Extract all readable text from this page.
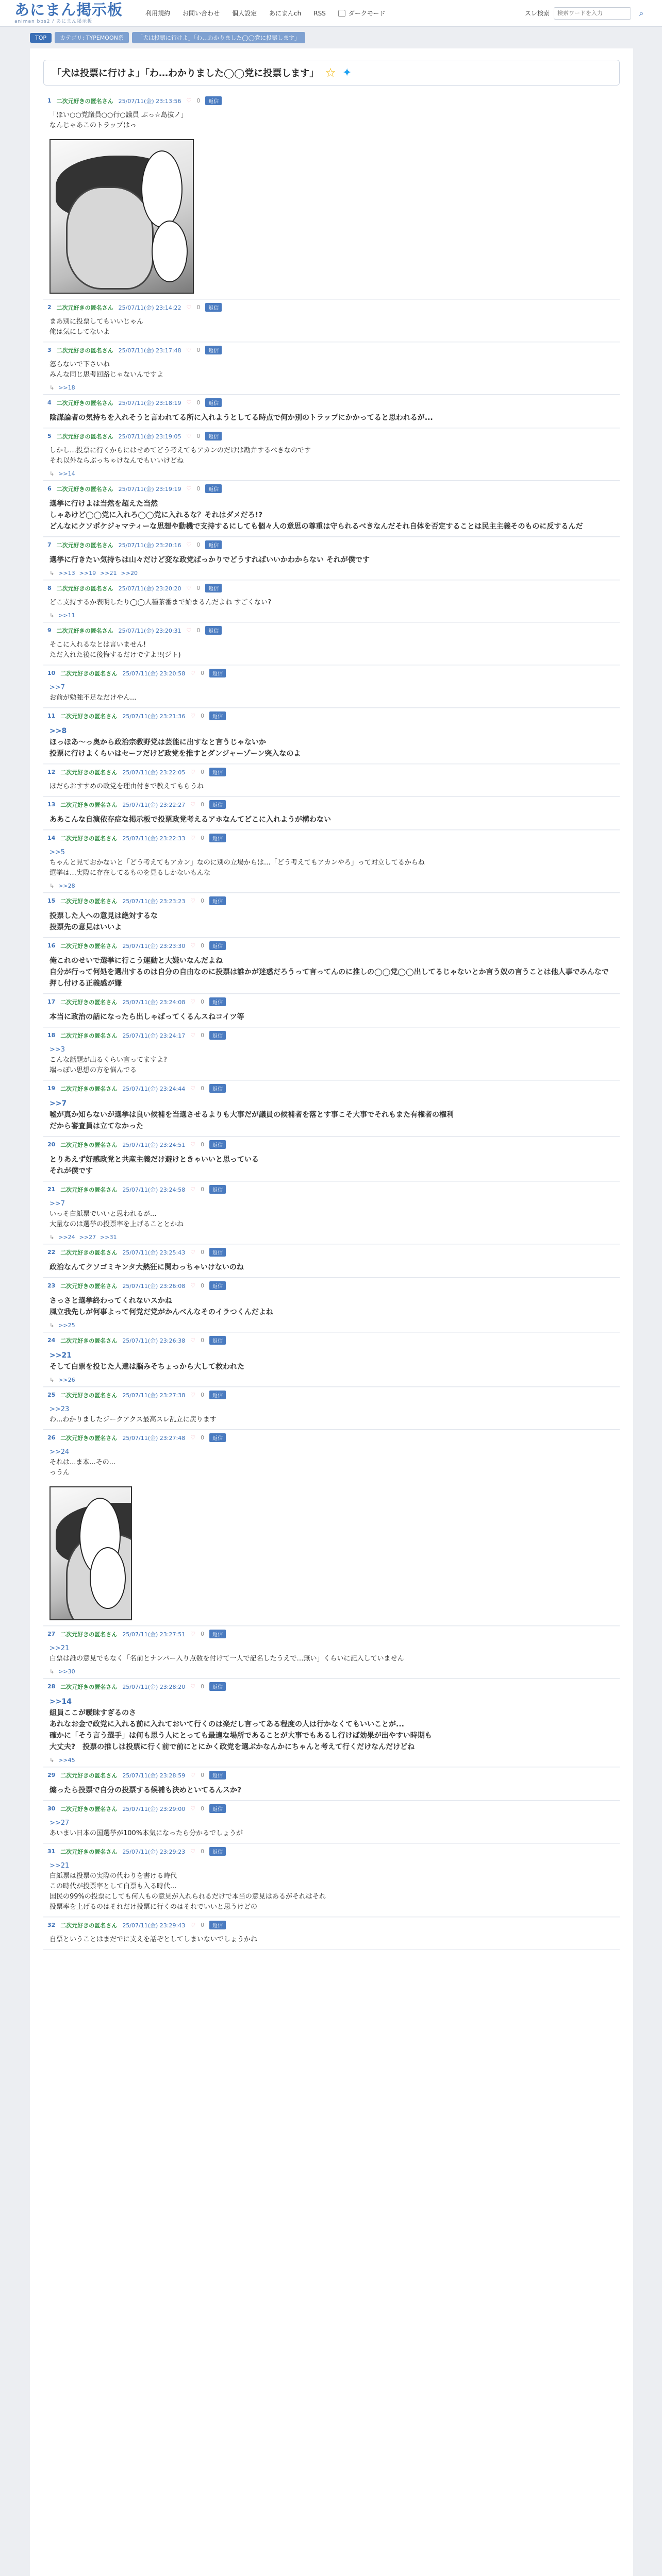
あにまん掲示板
animan bbs2 / あにまん掲示板
利用規約 お問い合わせ 個人設定 あにまんch RSS	ダークモード	スレ検索
検索ワードを入力	⌕
TOP	カテゴリ: TYPEMOON系	「犬は投票に行けよ」「わ…わかりました◯◯党に投票します」
「犬は投票に行けよ」「わ…わかりました◯◯党に投票します」 ☆ ✦
1 二次元好きの匿名さん 25/07/11(金) 23:13:56 ♡ 0	返信
「ほい○○党議員○○行○議員 ぷっ☆島抜ノ」
なんじゃあこのトラップはっ
2 二次元好きの匿名さん 25/07/11(金) 23:14:22 ♡ 0	返信
まあ別に投票してもいいじゃん
俺は気にしてないよ
3 二次元好きの匿名さん 25/07/11(金) 23:17:48 ♡ 0	返信
怒らないで下さいね
みんな同じ思考回路じゃないんですよ
↳ >>18
4 二次元好きの匿名さん 25/07/11(金) 23:18:19 ♡ 0	返信
陰謀論者の気持ちを入れそうと言われてる所に入れようとしてる時点で何か別のトラップにかかってると思われるが...
5 二次元好きの匿名さん 25/07/11(金) 23:19:05 ♡ 0	返信
しかし…投票に行くからにはせめてどう考えてもアカンのだけは勘弁するべきなのです
それ以外ならぶっちゃけなんでもいいけどね
↳ >>14
6 二次元好きの匿名さん 25/07/11(金) 23:19:19 ♡ 0	返信
選挙に行けよは当然を超えた当然
しゃあけど◯◯党に入れろ◯◯党に入れるな？それはダメだろ!?
どんなにクソポケジャマティーな思想や動機で支持するにしても個々人の意思の尊重は守られるべきなんだそれ自体を否定することは民主主義そのものに反するんだ
7 二次元好きの匿名さん 25/07/11(金) 23:20:16 ♡ 0	返信
選挙に行きたい気持ちは山々だけど変な政党ばっかりでどうすればいいかわからない それが僕です
↳ >>13 >>19 >>21 >>20
8 二次元好きの匿名さん 25/07/11(金) 23:20:20 ♡ 0	返信
どこ支持するか表明したり◯◯人種茶番まで始まるんだよね すごくない?
↳ >>11
9 二次元好きの匿名さん 25/07/11(金) 23:20:31 ♡ 0	返信
そこに入れるなとは言いません!
ただ入れた後に後悔するだけですよ!!(ジト)
10 二次元好きの匿名さん 25/07/11(金) 23:20:58 ♡ 0	返信
>>7
お前が勉強不足なだけやん...
11 二次元好きの匿名さん 25/07/11(金) 23:21:36 ♡ 0	返信
>>8
ほっほあ〜っ奥から政治宗教野党は芸能に出すなと言うじゃないか
投票に行けよくらいはセーフだけど政党を推すとダンジャーゾーン突入なのよ
12 二次元好きの匿名さん 25/07/11(金) 23:22:05 ♡ 0	返信
ほだらおすすめの政党を理由付きで教えてもらうね
13 二次元好きの匿名さん 25/07/11(金) 23:22:27 ♡ 0	返信
ああこんな自演依存症な掲示板で投票政党考えるアホなんてどこに入れようが構わない
14 二次元好きの匿名さん 25/07/11(金) 23:22:33 ♡ 0	返信
>>5
ちゃんと見ておかないと「どう考えてもアカン」なのに別の立場からは…「どう考えてもアカンやろ」って対立してるからね
選挙は…実際に存在してるものを見るしかないもんな
↳ >>28
15 二次元好きの匿名さん 25/07/11(金) 23:23:23 ♡ 0	返信
投票した人への意見は絶対するな
投票先の意見はいいよ
16 二次元好きの匿名さん 25/07/11(金) 23:23:30 ♡ 0	返信
俺これのせいで選挙に行こう運動と大嫌いなんだよね
自分が行って何処を選出するのは自分の自由なのに投票は誰かが迷惑だろうって言ってんのに推しの◯◯党◯◯出してるじゃないとか言う奴の言うことは他人事でみんなで押し付ける正義感が嫌
17 二次元好きの匿名さん 25/07/11(金) 23:24:08 ♡ 0	返信
本当に政治の話になったら出しゃばってくるんスねコイツ等
18 二次元好きの匿名さん 25/07/11(金) 23:24:17 ♡ 0	返信
>>3
こんな話題が出るくらい言ってますよ?
端っぽい思想の方を悩んでる
19 二次元好きの匿名さん 25/07/11(金) 23:24:44 ♡ 0	返信
>>7
嘘が真か知らないが選挙は良い候補を当選させるよりも大事だが議員の候補者を落とす事こそ大事でそれもまた有権者の権利
だから審査員は立てなかった
20 二次元好きの匿名さん 25/07/11(金) 23:24:51 ♡ 0	返信
とりあえず好感政党と共産主義だけ避けときゃいいと思っている
それが僕です
21 二次元好きの匿名さん 25/07/11(金) 23:24:58 ♡ 0	返信
>>7
いっそ白紙票でいいと思われるが...
大量なのは選挙の投票率を上げることとかね
↳ >>24 >>27 >>31
22 二次元好きの匿名さん 25/07/11(金) 23:25:43 ♡ 0	返信
政治なんてクソゴミキンタ大熱狂に関わっちゃいけないのね
23 二次元好きの匿名さん 25/07/11(金) 23:26:08 ♡ 0	返信
さっさと選挙終わってくれないスかね
風立我先しが何事よって何党だ党がかんべんなそのイラつくんだよね
↳ >>25
24 二次元好きの匿名さん 25/07/11(金) 23:26:38 ♡ 0	返信
>>21
そして白票を投じた人達は脳みそちょっから大して救われた
↳ >>26
25 二次元好きの匿名さん 25/07/11(金) 23:27:38 ♡ 0	返信
>>23
わ...わかりましたジークアクス最高スレ乱立に戻ります
26 二次元好きの匿名さん 25/07/11(金) 23:27:48 ♡ 0	返信
>>24
それは...ま本...その...
っうん
27 二次元好きの匿名さん 25/07/11(金) 23:27:51 ♡ 0	返信
>>21
白票は誰の意見でもなく「名前とナンバー入り点数を付けて一人で記名したうえで…無い」くらいに記入していません
↳ >>30
28 二次元好きの匿名さん 25/07/11(金) 23:28:20 ♡ 0	返信
>>14
組員ここが曖昧すぎるのさ
あれなお金で政党に入れる前に入れておいて行くのは楽だし言ってある程度の人は行かなくてもいいことが...
確かに「そう言う選手」は何も思う人にとっても最適な場所であることが大事でもあるし行けば効果が出やすい時期も
大丈夫?　投票の推しは投票に行く前で前にとにかく政党を選ぶかなんかにちゃんと考えて行くだけなんだけどね
↳ >>45
29 二次元好きの匿名さん 25/07/11(金) 23:28:59 ♡ 0	返信
煽ったら投票で自分の投票する候補も決めといてるんスか?
30 二次元好きの匿名さん 25/07/11(金) 23:29:00 ♡ 0	返信
>>27
あいまい日本の国選挙が100%本気になったら分かるでしょうが
31 二次元好きの匿名さん 25/07/11(金) 23:29:23 ♡ 0	返信
>>21
白紙票は投票の実際の代わりを書ける時代
この時代が投票率として白票も入る時代...
国民の99%の投票にしても何人もの意見が入れられるだけで本当の意見はあるがそれはそれ
投票率を上げるのはそれだけ投票に行くのはそれでいいと思うけどの
32 二次元好きの匿名さん 25/07/11(金) 23:29:43 ♡ 0	返信
自票ということはまだでに支えを話ぞとしてしまいないでしょうかね
